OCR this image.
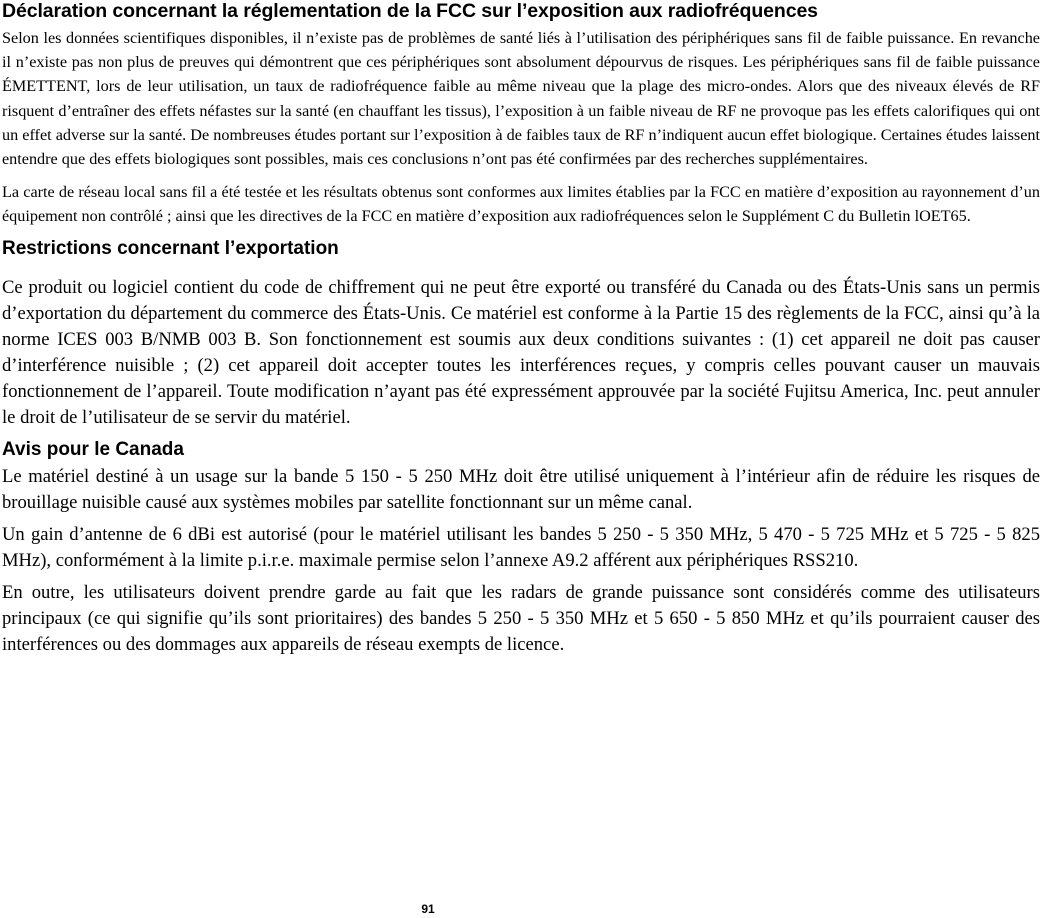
Déclaration concernant la réglementation de la FCC sur l’exposition aux radiofréquences

Selon les données scientifiques disponibles, il n’existe pas de problèmes de santé liés à l’utilisation des périphériques sans fil de faible puissance. En revanche il n’existe pas non plus de preuves qui démontrent que ces périphériques sont absolument dépourvus de risques. Les périphériques sans fil de faible puissance ÉMETTENT, lors de leur utilisation, un taux de radiofréquence faible au même niveau que la plage des micro-ondes. Alors que des niveaux élevés de RF risquent d’entraîner des effets néfastes sur la santé (en chauffant les tissus), l’exposition à un faible niveau de RF ne provoque pas les effets calorifiques qui ont un effet adverse sur la santé. De nombreuses études portant sur l’exposition à de faibles taux de RF n’indiquent aucun effet biologique. Certaines études laissent entendre que des effets biologiques sont possibles, mais ces conclusions n’ont pas été confirmées par des recherches supplémentaires.

La carte de réseau local sans fil a été testée et les résultats obtenus sont conformes aux limites établies par la FCC en matière d’exposition au rayonnement d’un équipement non contrôlé ; ainsi que les directives de la FCC en matière d’exposition aux radiofréquences selon le Supplément C du Bulletin lOET65.

Restrictions concernant l’exportation

Ce produit ou logiciel contient du code de chiffrement qui ne peut être exporté ou transféré du Canada ou des États-Unis sans un permis d’exportation du département du commerce des États-Unis. Ce matériel est conforme à la Partie 15 des règlements de la FCC, ainsi qu’à la norme ICES 003 B/NMB 003 B. Son fonctionnement est soumis aux deux conditions suivantes : (1) cet appareil ne doit pas causer d’interférence nuisible ; (2) cet appareil doit accepter toutes les interférences reçues, y compris celles pouvant causer un mauvais fonctionnement de l’appareil. Toute modification n’ayant pas été expressément approuvée par la société Fujitsu America, Inc. peut annuler le droit de l’utilisateur de se servir du matériel.

Avis pour le Canada

Le matériel destiné à un usage sur la bande 5 150 - 5 250 MHz doit être utilisé uniquement à l’intérieur afin de réduire les risques de brouillage nuisible causé aux systèmes mobiles par satellite fonctionnant sur un même canal.

Un gain d’antenne de 6 dBi est autorisé (pour le matériel utilisant les bandes 5 250 - 5 350 MHz, 5 470 - 5 725 MHz et 5 725 - 5 825 MHz), conformément à la limite p.i.r.e. maximale permise selon l’annexe A9.2 afférent aux périphériques RSS210.

En outre, les utilisateurs doivent prendre garde au fait que les radars de grande puissance sont considérés comme des utilisateurs principaux (ce qui signifie qu’ils sont prioritaires) des bandes 5 250 - 5 350 MHz et 5 650 - 5 850 MHz et qu’ils pourraient causer des interférences ou des dommages aux appareils de réseau exempts de licence.

91
